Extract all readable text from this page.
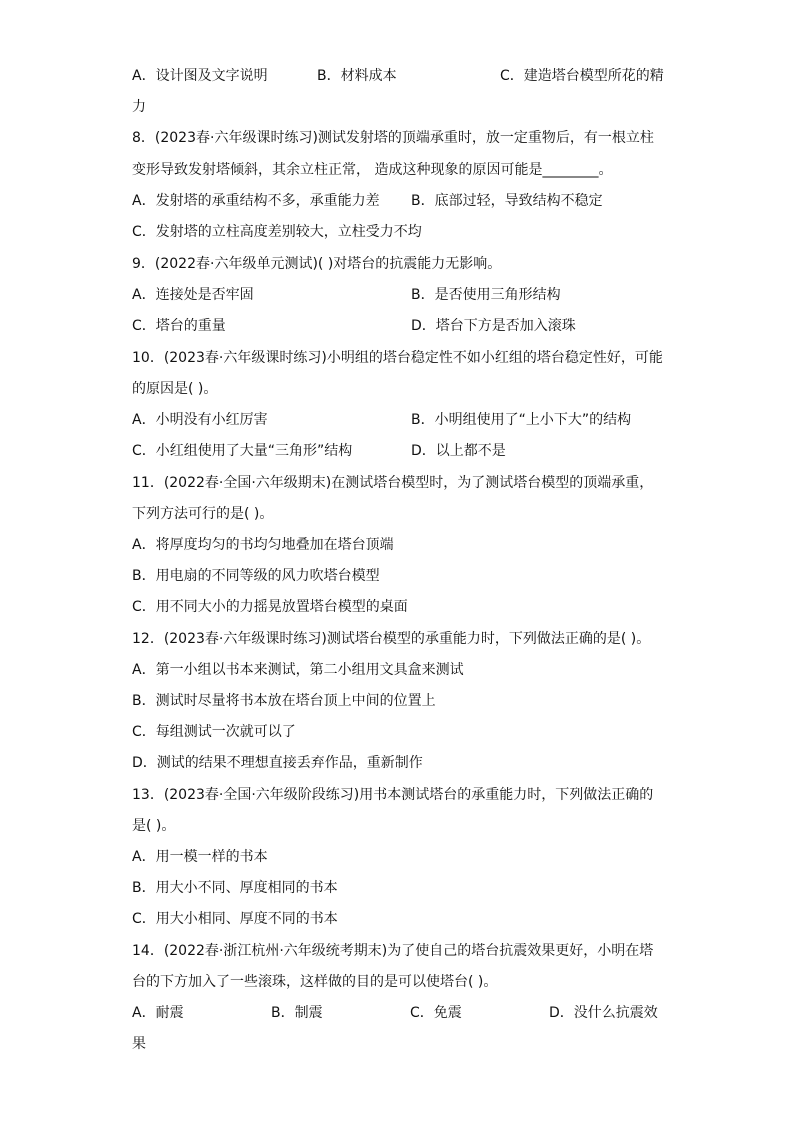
A．设计图及文字说明	B．材料成本	C．建造塔台模型所花的精
力
8．(2023春·六年级课时练习)测试发射塔的顶端承重时，放一定重物后，有一根立柱
变形导致发射塔倾斜，其余立柱正常， 造成这种现象的原因可能是________。
A．发射塔的承重结构不多，承重能力差 B．底部过轻，导致结构不稳定
C．发射塔的立柱高度差别较大，立柱受力不均
9．(2022春·六年级单元测试)( )对塔台的抗震能力无影响。
A．连接处是否牢固	B．是否使用三角形结构
C．塔台的重量	D．塔台下方是否加入滚珠
10．(2023春·六年级课时练习)小明组的塔台稳定性不如小红组的塔台稳定性好，可能
的原因是( )。
A．小明没有小红厉害	B．小明组使用了“上小下大”的结构
C．小红组使用了大量“三角形”结构	D．以上都不是
11．(2022春·全国·六年级期末)在测试塔台模型时，为了测试塔台模型的顶端承重，
下列方法可行的是( )。
A．将厚度均匀的书均匀地叠加在塔台顶端
B．用电扇的不同等级的风力吹塔台模型
C．用不同大小的力摇晃放置塔台模型的桌面
12．(2023春·六年级课时练习)测试塔台模型的承重能力时，下列做法正确的是( )。
A．第一小组以书本来测试，第二小组用文具盒来测试
B．测试时尽量将书本放在塔台顶上中间的位置上
C．每组测试一次就可以了
D．测试的结果不理想直接丢弃作品，重新制作
13．(2023春·全国·六年级阶段练习)用书本测试塔台的承重能力时，下列做法正确的
是( )。
A．用一模一样的书本
B．用大小不同、厚度相同的书本
C．用大小相同、厚度不同的书本
14．(2022春·浙江杭州·六年级统考期末)为了使自己的塔台抗震效果更好，小明在塔
台的下方加入了一些滚珠，这样做的目的是可以使塔台( )。
A．耐震	B．制震	C．免震	D．没什么抗震效
果
